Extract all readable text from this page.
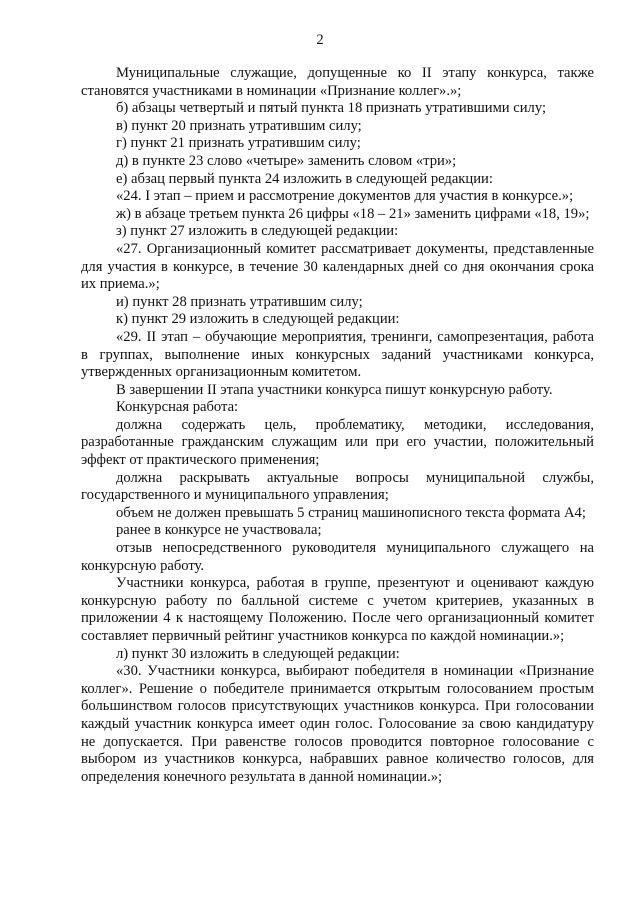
2

Муниципальные служащие, допущенные ко II этапу конкурса, также становятся участниками в номинации «Признание коллег».»;

б) абзацы четвертый и пятый пункта 18 признать утратившими силу;

в) пункт 20 признать утратившим силу;

г) пункт 21 признать утратившим силу;

д) в пункте 23 слово «четыре» заменить словом «три»;

е) абзац первый пункта 24 изложить в следующей редакции:

«24. I этап – прием и рассмотрение документов для участия в конкурсе.»;

ж) в абзаце третьем пункта 26 цифры «18 – 21» заменить цифрами «18, 19»;

з) пункт 27 изложить в следующей редакции:

«27. Организационный комитет рассматривает документы, представленные для участия в конкурсе, в течение 30 календарных дней со дня окончания срока их приема.»;

и) пункт 28 признать утратившим силу;

к) пункт 29 изложить в следующей редакции:

«29. II этап – обучающие мероприятия, тренинги, самопрезентация, работа в группах, выполнение иных конкурсных заданий участниками конкурса, утвержденных организационным комитетом.

В завершении II этапа участники конкурса пишут конкурсную работу.

Конкурсная работа:

должна содержать цель, проблематику, методики, исследования, разработанные гражданским служащим или при его участии, положительный эффект от практического применения;

должна раскрывать актуальные вопросы муниципальной службы, государственного и муниципального управления;

объем не должен превышать 5 страниц машинописного текста формата А4;

ранее в конкурсе не участвовала;

отзыв непосредственного руководителя муниципального служащего на конкурсную работу.

Участники конкурса, работая в группе, презентуют и оценивают каждую конкурсную работу по балльной системе с учетом критериев, указанных в приложении 4 к настоящему Положению. После чего организационный комитет составляет первичный рейтинг участников конкурса по каждой номинации.»;

л) пункт 30 изложить в следующей редакции:

«30. Участники конкурса, выбирают победителя в номинации «Признание коллег». Решение о победителе принимается открытым голосованием простым большинством голосов присутствующих участников конкурса. При голосовании каждый участник конкурса имеет один голос. Голосование за свою кандидатуру не допускается. При равенстве голосов проводится повторное голосование с выбором из участников конкурса, набравших равное количество голосов, для определения конечного результата в данной номинации.»;
